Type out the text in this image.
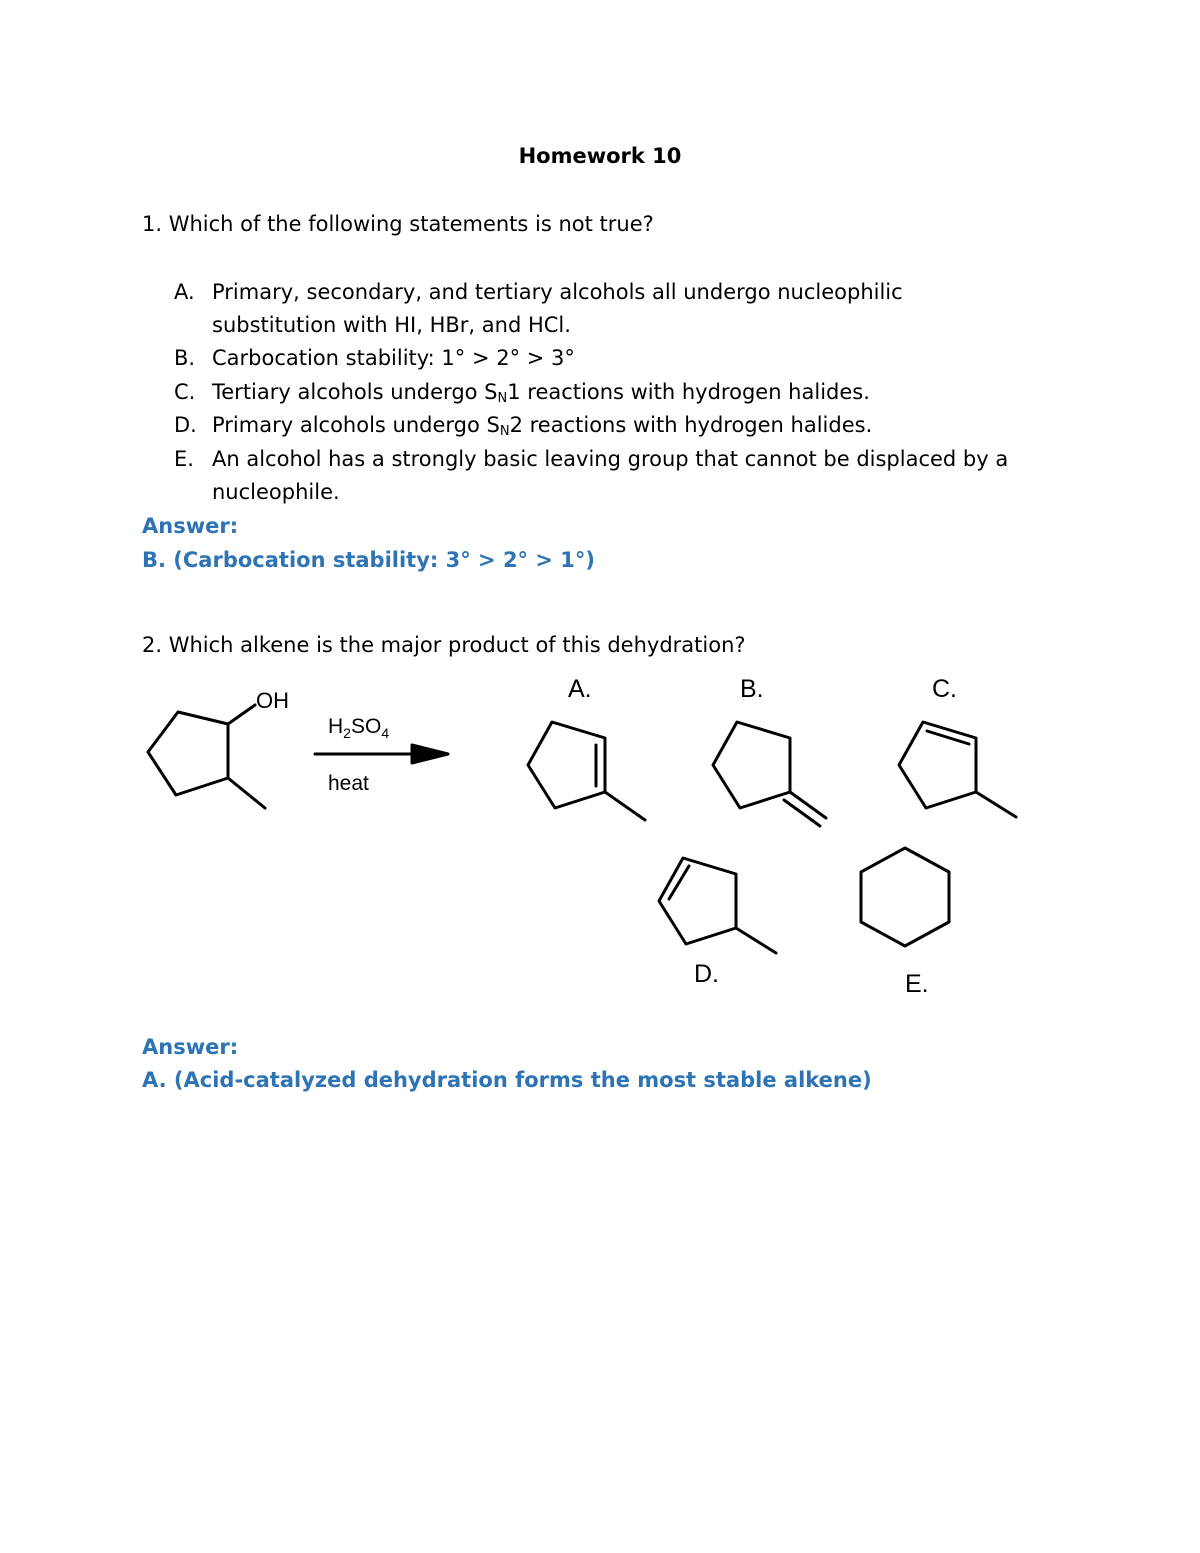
Homework 10
1. Which of the following statements is not true?
A. Primary, secondary, and tertiary alcohols all undergo nucleophilic
substitution with HI, HBr, and HCl.
B. Carbocation stability: 1° > 2° > 3°
C. Tertiary alcohols undergo $S_N1$ reactions with hydrogen halides.
D. Primary alcohols undergo $S_N2$ reactions with hydrogen halides.
E. An alcohol has a strongly basic leaving group that cannot be displaced by a
nucleophile.
Answer:
B. (Carbocation stability: 3° > 2° > 1°)
2. Which alkene is the major product of this dehydration?
OH
$H_2SO_4$
heat
A.	B.	C.
D.	E.
Answer:
A. (Acid-catalyzed dehydration forms the most stable alkene)
